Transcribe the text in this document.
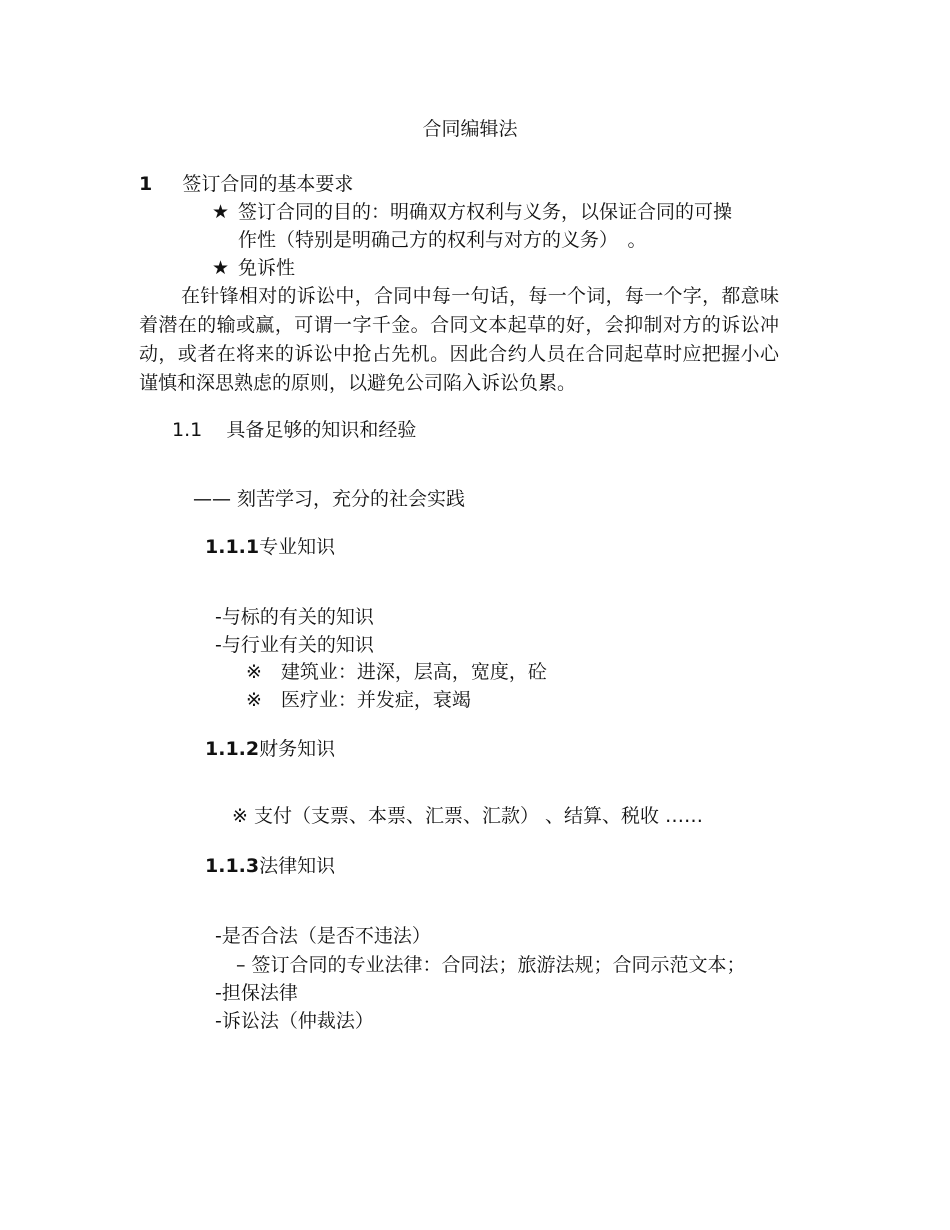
合同编辑法
1 签订合同的基本要求
★ 签订合同的目的：明确双方权利与义务，以保证合同的可操
作性（特别是明确己方的权利与对方的义务）　。
★ 免诉性
在针锋相对的诉讼中，合同中每一句话，每一个词，每一个字，都意味着潜在的输或赢，可谓一字千金。合同文本起草的好，会抑制对方的诉讼冲动，或者在将来的诉讼中抢占先机。因此合约人员在合同起草时应把握小心谨慎和深思熟虑的原则，以避免公司陷入诉讼负累。
1.1 具备足够的知识和经验
—— 刻苦学习，充分的社会实践
1.1.1专业知识
-与标的有关的知识
-与行业有关的知识
※　建筑业：进深，层高，宽度，砼
※　医疗业：并发症，衰竭
1.1.2财务知识
※ 支付（支票、本票、汇票、汇款） 、结算、税收 ……
1.1.3法律知识
-是否合法（是否不违法）
– 签订合同的专业法律：合同法；旅游法规；合同示范文本；
-担保法律
-诉讼法（仲裁法）
